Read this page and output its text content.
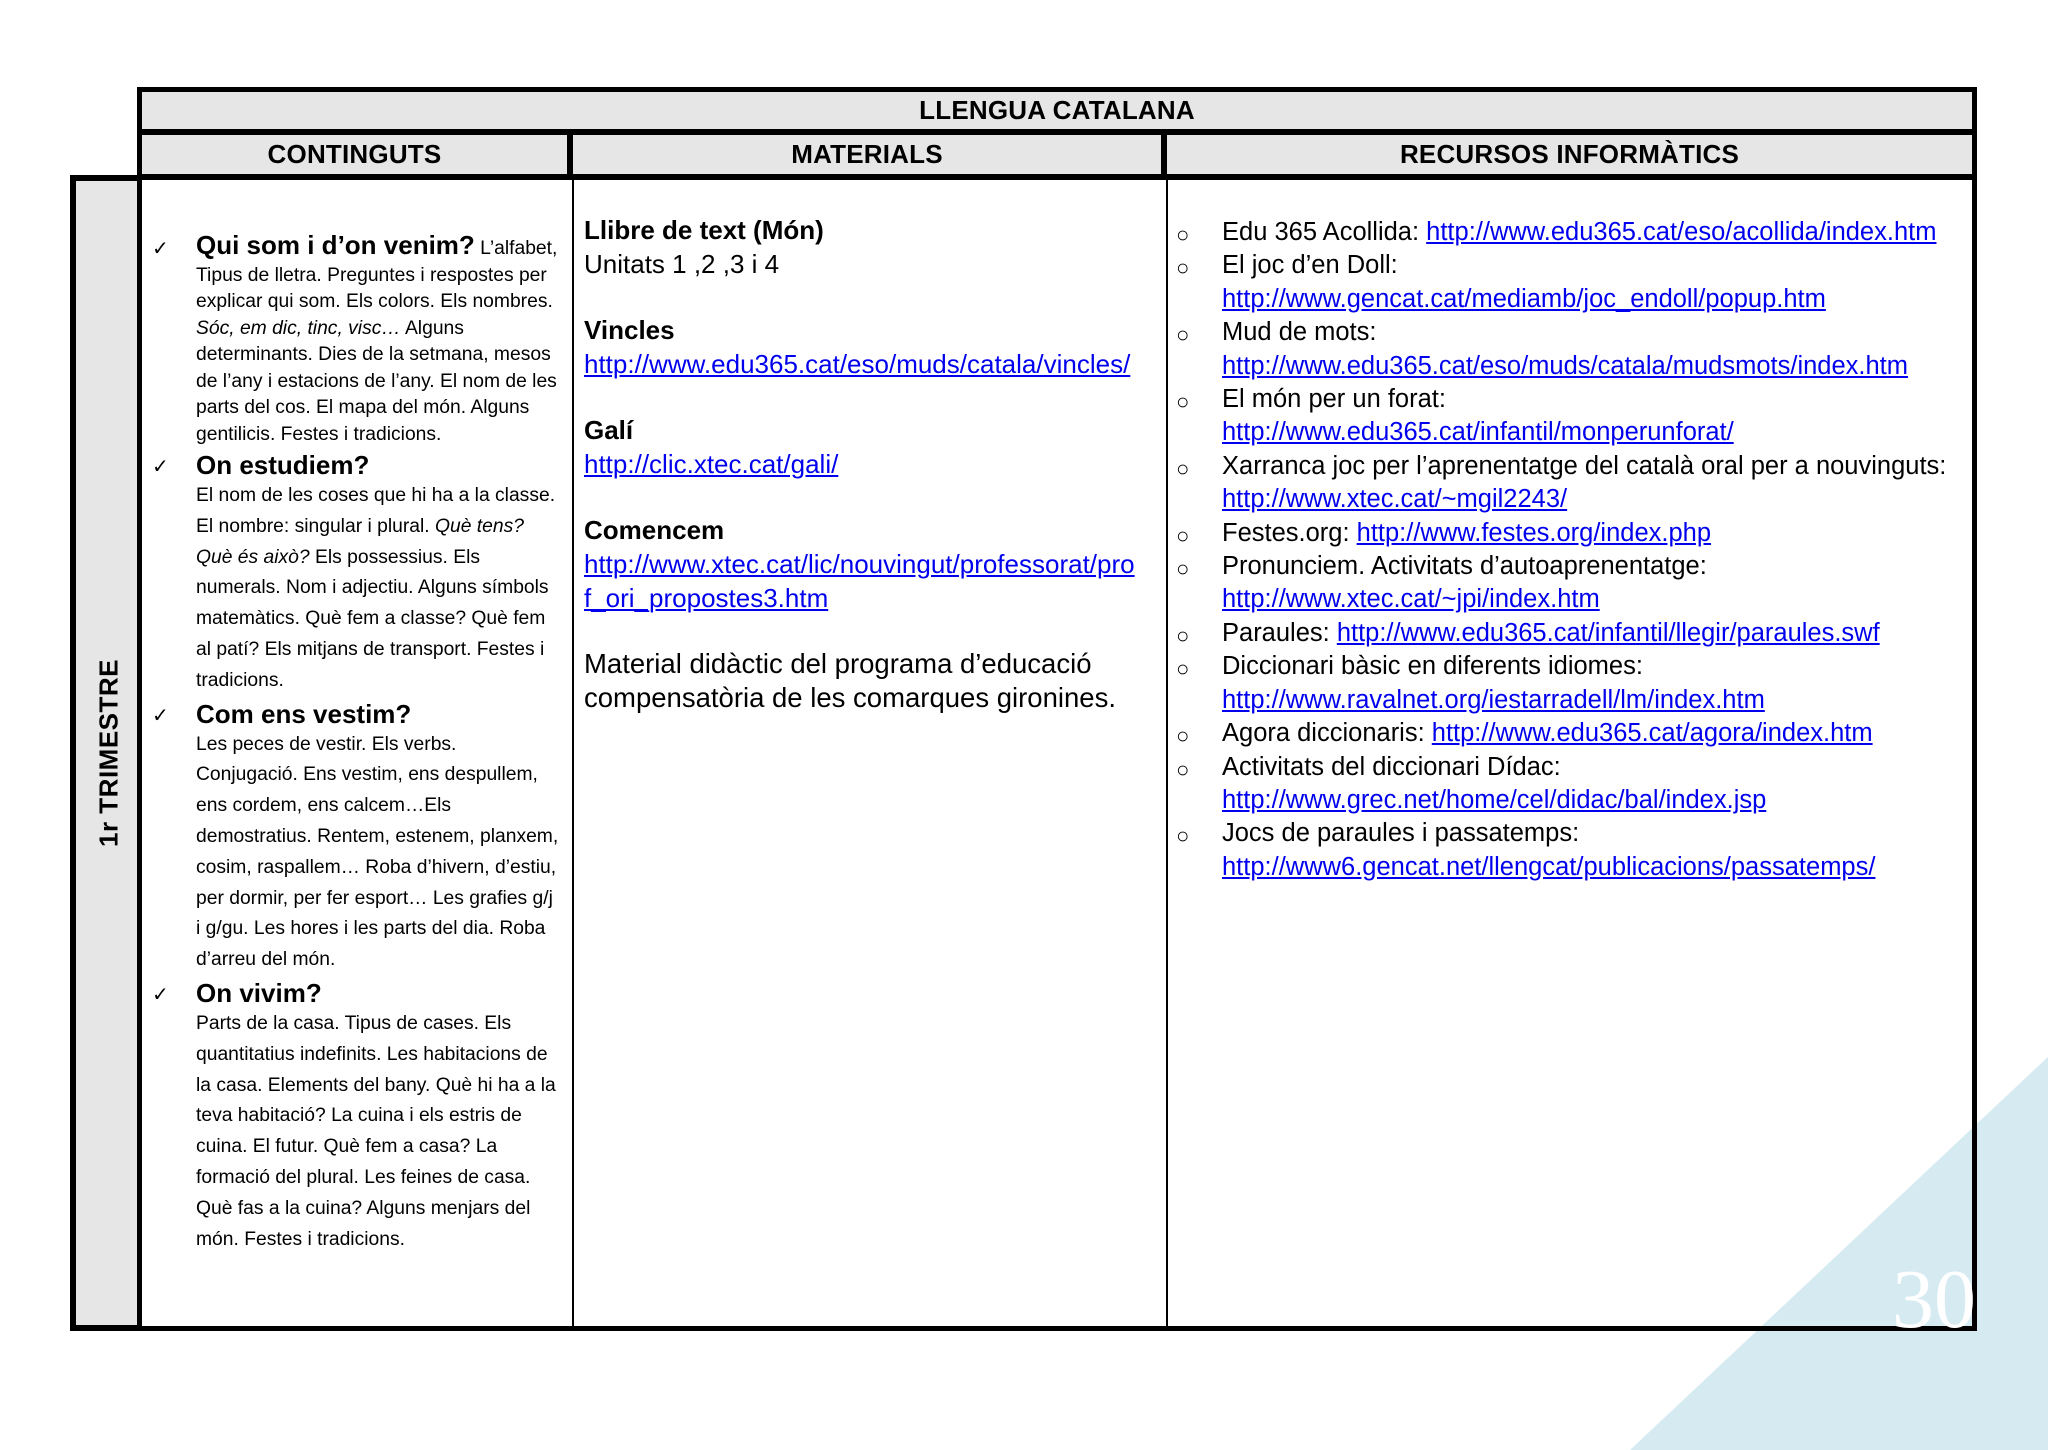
LLENGUA CATALANA
CONTINGUTS	MATERIALS	RECURSOS INFORMÀTICS
1r TRIMESTRE
✓ Qui som i d’on venim? L’alfabet, Tipus de lletra. Preguntes i respostes per explicar qui som. Els colors. Els nombres. Sóc, em dic, tinc, visc… Alguns determinants. Dies de la setmana, mesos de l’any i estacions de l’any. El nom de les parts del cos. El mapa del món. Alguns gentilicis. Festes i tradicions.
✓ On estudiem?
El nom de les coses que hi ha a la classe. El nombre: singular i plural. Què tens? Què és això? Els possessius. Els numerals. Nom i adjectiu. Alguns símbols matemàtics. Què fem a classe? Què fem al patí? Els mitjans de transport. Festes i tradicions.
✓ Com ens vestim?
Les peces de vestir. Els verbs. Conjugació. Ens vestim, ens despullem, ens cordem, ens calcem…Els demostratius. Rentem, estenem, planxem, cosim, raspallem… Roba d’hivern, d’estiu, per dormir, per fer esport… Les grafies g/j i g/gu. Les hores i les parts del dia. Roba d’arreu del món.
✓ On vivim?
Parts de la casa. Tipus de cases. Els quantitatius indefinits. Les habitacions de la casa. Elements del bany. Què hi ha a la teva habitació? La cuina i els estris de cuina. El futur. Què fem a casa? La formació del plural. Les feines de casa. Què fas a la cuina? Alguns menjars del món. Festes i tradicions.
Llibre de text (Món)
Unitats 1 ,2 ,3 i 4
Vincles
http://www.edu365.cat/eso/muds/catala/vincles/
Galí
http://clic.xtec.cat/gali/
Comencem
http://www.xtec.cat/lic/nouvingut/professorat/pro
f_ori_propostes3.htm
Material didàctic del programa d’educació compensatòria de les comarques gironines.
○ Edu 365 Acollida: http://www.edu365.cat/eso/acollida/index.htm
○ El joc d’en Doll:
http://www.gencat.cat/mediamb/joc_endoll/popup.htm
○ Mud de mots:
http://www.edu365.cat/eso/muds/catala/mudsmots/index.htm
○ El món per un forat:
http://www.edu365.cat/infantil/monperunforat/
○ Xarranca joc per l’aprenentatge del català oral per a nouvinguts:
http://www.xtec.cat/~mgil2243/
○ Festes.org: http://www.festes.org/index.php
○ Pronunciem. Activitats d’autoaprenentatge:
http://www.xtec.cat/~jpi/index.htm
○ Paraules: http://www.edu365.cat/infantil/llegir/paraules.swf
○ Diccionari bàsic en diferents idiomes:
http://www.ravalnet.org/iestarradell/lm/index.htm
○ Agora diccionaris: http://www.edu365.cat/agora/index.htm
○ Activitats del diccionari Dídac:
http://www.grec.net/home/cel/didac/bal/index.jsp
○ Jocs de paraules i passatemps:
http://www6.gencat.net/llengcat/publicacions/passatemps/
30
